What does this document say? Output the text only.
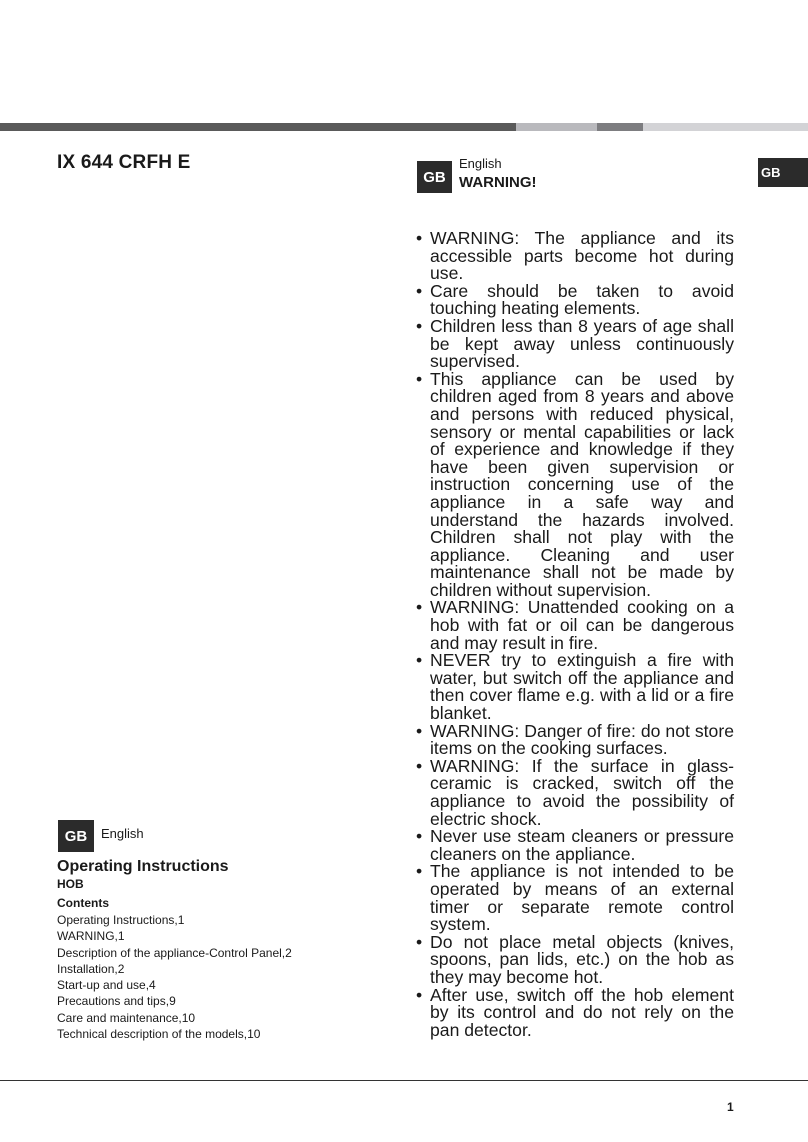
IX 644 CRFH E
GB
English
WARNING!
GB
• WARNING: The appliance and its accessible parts become hot during use.
• Care should be taken to avoid touching heating elements.
• Children less than 8 years of age shall be kept away unless continuously supervised.
• This appliance can be used by children aged from 8 years and above and persons with reduced physical, sensory or mental capabilities or lack of experience and knowledge if they have been given supervision or instruction concerning use of the appliance in a safe way and understand the hazards involved. Children shall not play with the appliance. Cleaning and user maintenance shall not be made by children without supervision.
• WARNING: Unattended cooking on a hob with fat or oil can be dangerous and may result in fire.
• NEVER try to extinguish a fire with water, but switch off the appliance and then cover flame e.g. with a lid or a fire blanket.
• WARNING: Danger of fire: do not store items on the cooking surfaces.
• WARNING: If the surface in glass-ceramic is cracked, switch off the appliance to avoid the possibility of electric shock.
• Never use steam cleaners or pressure cleaners on the appliance.
• The appliance is not intended to be operated by means of an external timer or separate remote control system.
• Do not place metal objects (knives, spoons, pan lids, etc.) on the hob as they may become hot.
• After use, switch off the hob element by its control and do not rely on the pan detector.
GB	English
Operating Instructions
HOB
Contents
Operating Instructions,1
WARNING,1
Description of the appliance-Control Panel,2
Installation,2
Start-up and use,4
Precautions and tips,9
Care and maintenance,10
Technical description of the models,10
1
